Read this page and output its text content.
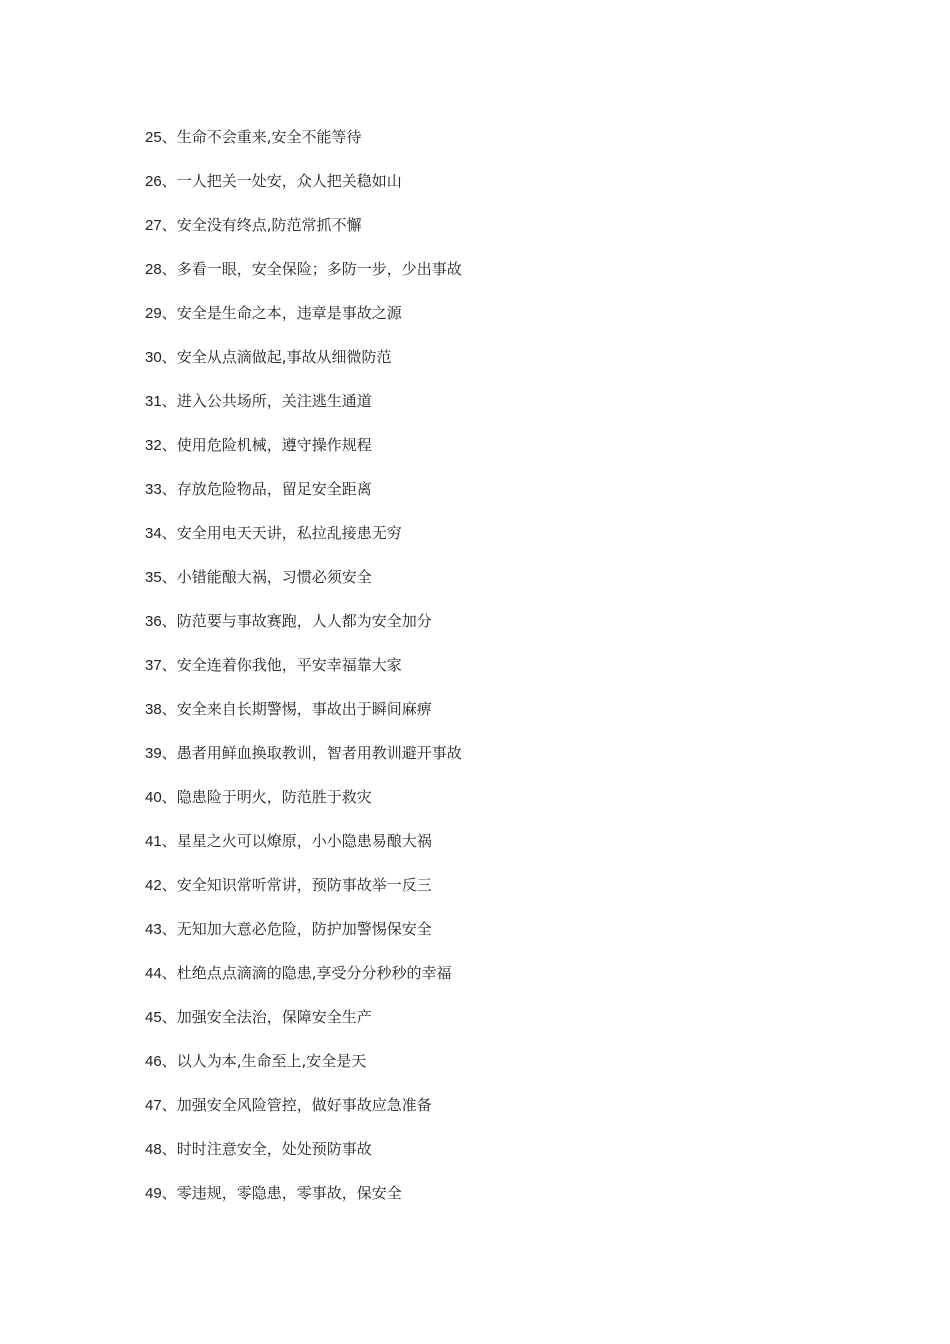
25、生命不会重来,安全不能等待
26、一人把关一处安，众人把关稳如山
27、安全没有终点,防范常抓不懈
28、多看一眼，安全保险；多防一步，少出事故
29、安全是生命之本，违章是事故之源
30、安全从点滴做起,事故从细微防范
31、进入公共场所，关注逃生通道
32、使用危险机械，遵守操作规程
33、存放危险物品，留足安全距离
34、安全用电天天讲，私拉乱接患无穷
35、小错能酿大祸，习惯必须安全
36、防范要与事故赛跑，人人都为安全加分
37、安全连着你我他，平安幸福靠大家
38、安全来自长期警惕，事故出于瞬间麻痹
39、愚者用鲜血换取教训，智者用教训避开事故
40、隐患险于明火，防范胜于救灾
41、星星之火可以燎原，小小隐患易酿大祸
42、安全知识常听常讲，预防事故举一反三
43、无知加大意必危险，防护加警惕保安全
44、杜绝点点滴滴的隐患,享受分分秒秒的幸福
45、加强安全法治，保障安全生产
46、以人为本,生命至上,安全是天
47、加强安全风险管控，做好事故应急准备
48、时时注意安全，处处预防事故
49、零违规，零隐患，零事故，保安全
